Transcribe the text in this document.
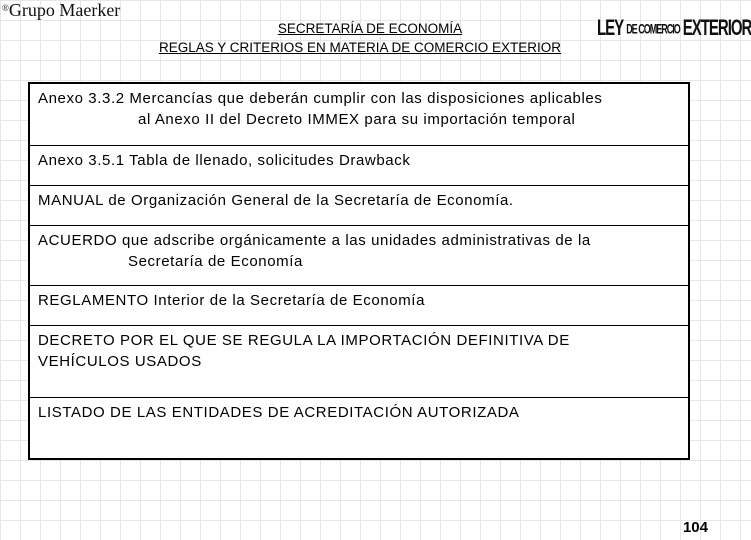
®Grupo Maerker
LEY DE COMERCIO EXTERIOR
SECRETARÍA DE ECONOMÍA
REGLAS Y CRITERIOS EN MATERIA DE COMERCIO EXTERIOR
Anexo 3.3.2 Mercancías que deberán cumplir con las disposiciones aplicables
al Anexo II del Decreto IMMEX para su importación temporal
Anexo 3.5.1 Tabla de llenado, solicitudes Drawback
MANUAL de Organización General de la Secretaría de Economía.
ACUERDO que adscribe orgánicamente a las unidades administrativas de la
Secretaría de Economía
REGLAMENTO Interior de la Secretaría de Economía
DECRETO POR EL QUE SE REGULA LA IMPORTACIÓN DEFINITIVA DE
VEHÍCULOS USADOS
LISTADO DE LAS ENTIDADES DE ACREDITACIÓN AUTORIZADA
104
